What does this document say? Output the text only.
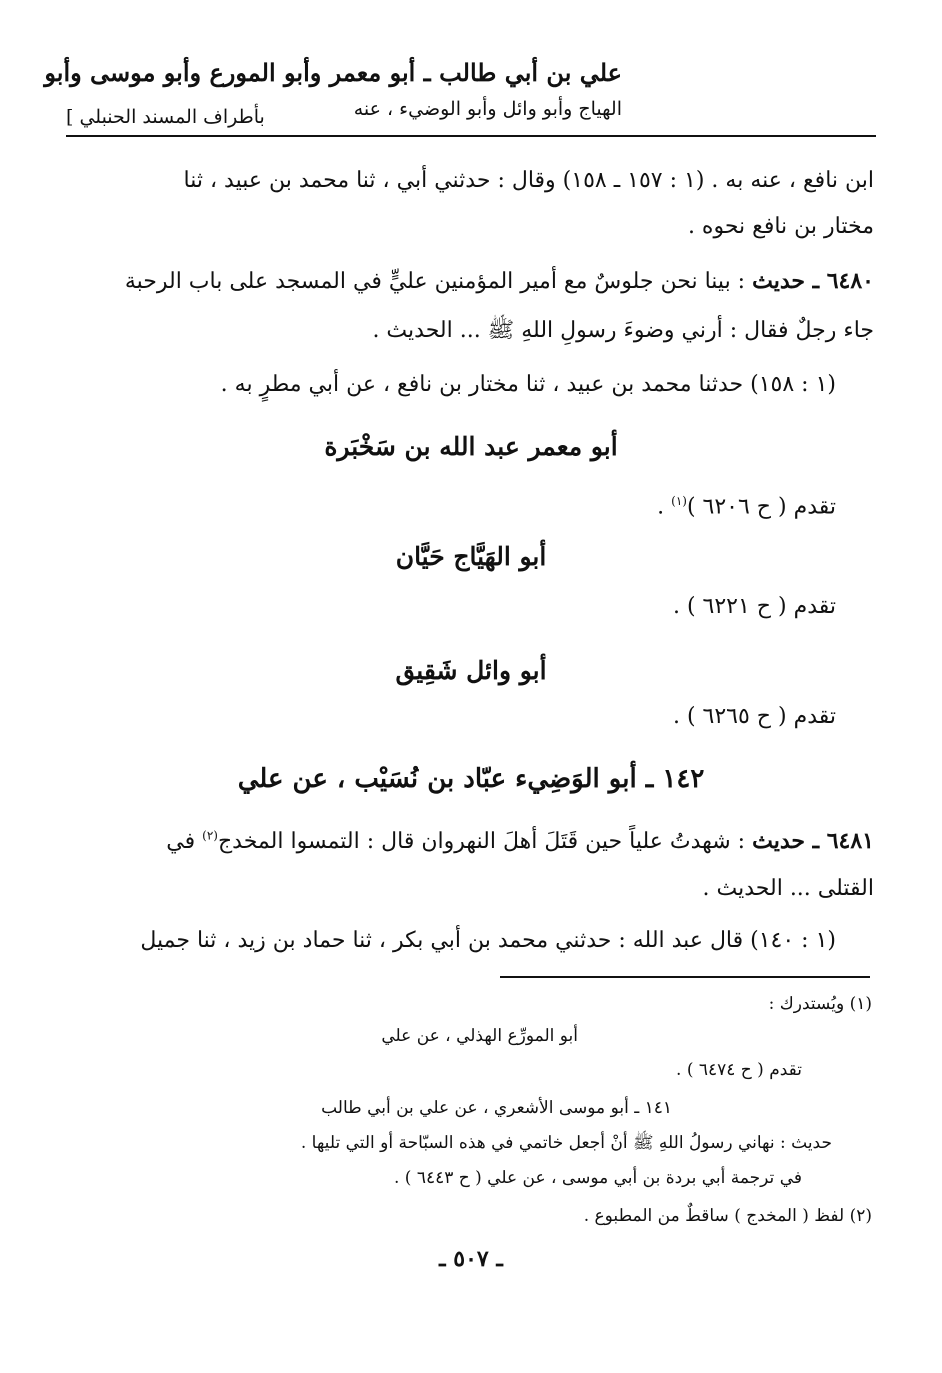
علي بن أبي طالب ـ أبو معمر وأبو المورع وأبو موسى وأبو
الهياج وأبو وائل وأبو الوضيء ، عنه
بأطراف المسند الحنبلي ]
ابن نافع ، عنه به . (١ : ١٥٧ ـ ١٥٨) وقال : حدثني أبي ، ثنا محمد بن عبيد ، ثنا
مختار بن نافع نحوه .
٦٤٨٠ ـ حديث : بينا نحن جلوسٌ مع أمير المؤمنين عليٍّ في المسجد على باب الرحبة
جاء رجلٌ فقال : أرني وضوءَ رسولِ اللهِ ﷺ ... الحديث .
(١ : ١٥٨) حدثنا محمد بن عبيد ، ثنا مختار بن نافع ، عن أبي مطرٍ به .
أبو معمر عبد الله بن سَخْبَرة
تقدم ( ح ٦٢٠٦ )$^{(١)}$ .
أبو الهَيَّاج حَيَّان
تقدم ( ح ٦٢٢١ ) .
أبو وائل شَقِيق
تقدم ( ح ٦٢٦٥ ) .
١٤٢ ـ أبو الوَضِيء عبّاد بن نُسَيْب ، عن علي
٦٤٨١ ـ حديث : شهدتُ علياً حين قَتَلَ أهلَ النهروان قال : التمسوا المخدج$^{(٢)}$ في
القتلى ... الحديث .
(١ : ١٤٠) قال عبد الله : حدثني محمد بن أبي بكر ، ثنا حماد بن زيد ، ثنا جميل
(١) ويُستدرك :
أبو المورِّع الهذلي ، عن علي
تقدم ( ح ٦٤٧٤ ) .
١٤١ ـ أبو موسى الأشعري ، عن علي بن أبي طالب
حديث : نهاني رسولُ اللهِ ﷺ أنْ أجعل خاتمي في هذه السبّاحة أو التي تليها .
في ترجمة أبي بردة بن أبي موسى ، عن علي ( ح ٦٤٤٣ ) .
(٢) لفظ ( المخدج ) ساقطٌ من المطبوع .
ـ ٥٠٧ ـ
